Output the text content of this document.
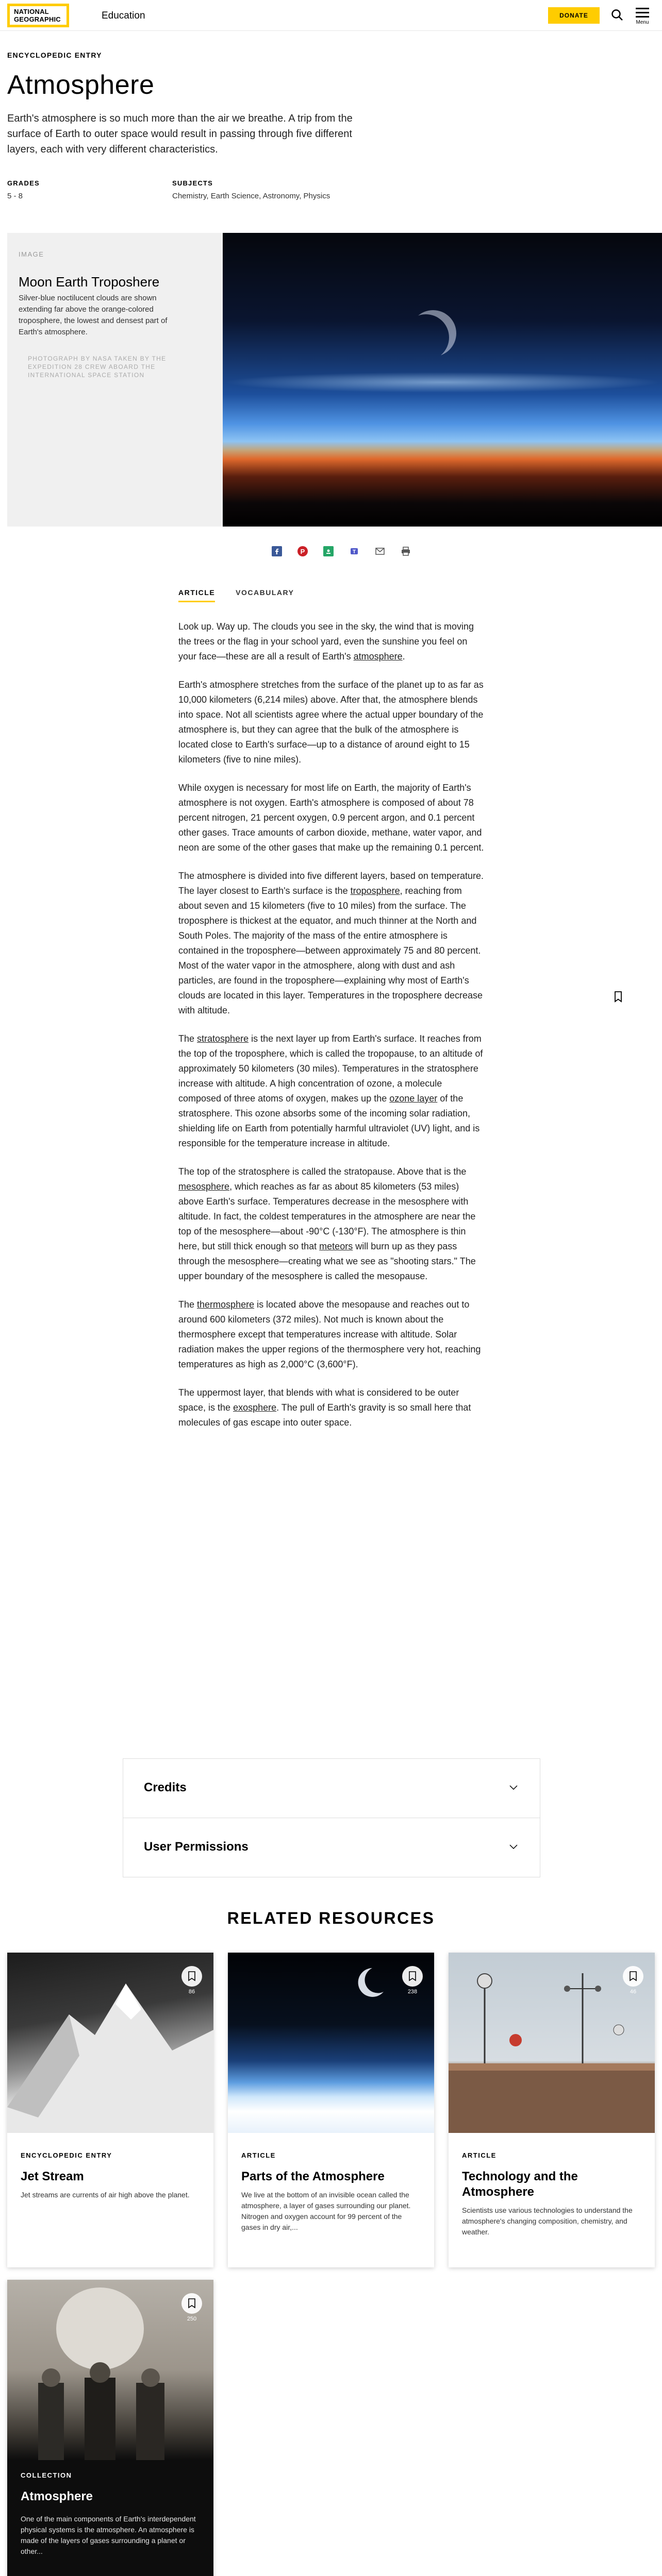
NATIONAL
GEOGRAPHIC	Education	DONATE
Menu
ENCYCLOPEDIC ENTRY
Atmosphere

Earth's atmosphere is so much more than the air we breathe. A trip from the surface of Earth to outer space would result in passing through five different layers, each with very different characteristics.

GRADES
5 - 8
SUBJECTS
Chemistry, Earth Science, Astronomy, Physics
IMAGE
Moon Earth Troposhere
Silver-blue noctilucent clouds are shown extending far above the orange-colored troposphere, the lowest and densest part of Earth's atmosphere.
PHOTOGRAPH BY NASA TAKEN BY THE EXPEDITION 28 CREW ABOARD THE INTERNATIONAL SPACE STATION
P	T
ARTICLE	VOCABULARY

Look up. Way up. The clouds you see in the sky, the wind that is moving the trees or the flag in your school yard, even the sunshine you feel on your face—these are all a result of Earth's atmosphere.

Earth's atmosphere stretches from the surface of the planet up to as far as 10,000 kilometers (6,214 miles) above. After that, the atmosphere blends into space. Not all scientists agree where the actual upper boundary of the atmosphere is, but they can agree that the bulk of the atmosphere is located close to Earth's surface—up to a distance of around eight to 15 kilometers (five to nine miles).

While oxygen is necessary for most life on Earth, the majority of Earth's atmosphere is not oxygen. Earth's atmosphere is composed of about 78 percent nitrogen, 21 percent oxygen, 0.9 percent argon, and 0.1 percent other gases. Trace amounts of carbon dioxide, methane, water vapor, and neon are some of the other gases that make up the remaining 0.1 percent.

The atmosphere is divided into five different layers, based on temperature. The layer closest to Earth's surface is the troposphere, reaching from about seven and 15 kilometers (five to 10 miles) from the surface. The troposphere is thickest at the equator, and much thinner at the North and South Poles. The majority of the mass of the entire atmosphere is contained in the troposphere—between approximately 75 and 80 percent. Most of the water vapor in the atmosphere, along with dust and ash particles, are found in the troposphere—explaining why most of Earth's clouds are located in this layer. Temperatures in the troposphere decrease with altitude.

The stratosphere is the next layer up from Earth's surface. It reaches from the top of the troposphere, which is called the tropopause, to an altitude of approximately 50 kilometers (30 miles). Temperatures in the stratosphere increase with altitude. A high concentration of ozone, a molecule composed of three atoms of oxygen, makes up the ozone layer of the stratosphere. This ozone absorbs some of the incoming solar radiation, shielding life on Earth from potentially harmful ultraviolet (UV) light, and is responsible for the temperature increase in altitude.

The top of the stratosphere is called the stratopause. Above that is the mesosphere, which reaches as far as about 85 kilometers (53 miles) above Earth's surface. Temperatures decrease in the mesosphere with altitude. In fact, the coldest temperatures in the atmosphere are near the top of the mesosphere—about -90°C (-130°F). The atmosphere is thin here, but still thick enough so that meteors will burn up as they pass through the mesosphere—creating what we see as "shooting stars." The upper boundary of the mesosphere is called the mesopause.

The thermosphere is located above the mesopause and reaches out to around 600 kilometers (372 miles). Not much is known about the thermosphere except that temperatures increase with altitude. Solar radiation makes the upper regions of the thermosphere very hot, reaching temperatures as high as 2,000°C (3,600°F).

The uppermost layer, that blends with what is considered to be outer space, is the exosphere. The pull of Earth's gravity is so small here that molecules of gas escape into outer space.

Credits
User Permissions
RELATED RESOURCES
86
ENCYCLOPEDIC ENTRY
Jet Stream
Jet streams are currents of air high above the planet.
238
ARTICLE
Parts of the Atmosphere
We live at the bottom of an invisible ocean called the atmosphere, a layer of gases surrounding our planet. Nitrogen and oxygen account for 99 percent of the gases in dry air,...
46
ARTICLE
Technology and the Atmosphere
Scientists use various technologies to understand the atmosphere's changing composition, chemistry, and weather.
250
COLLECTION
Atmosphere
One of the main components of Earth's interdependent physical systems is the atmosphere. An atmosphere is made of the layers of gases surrounding a planet or other...
